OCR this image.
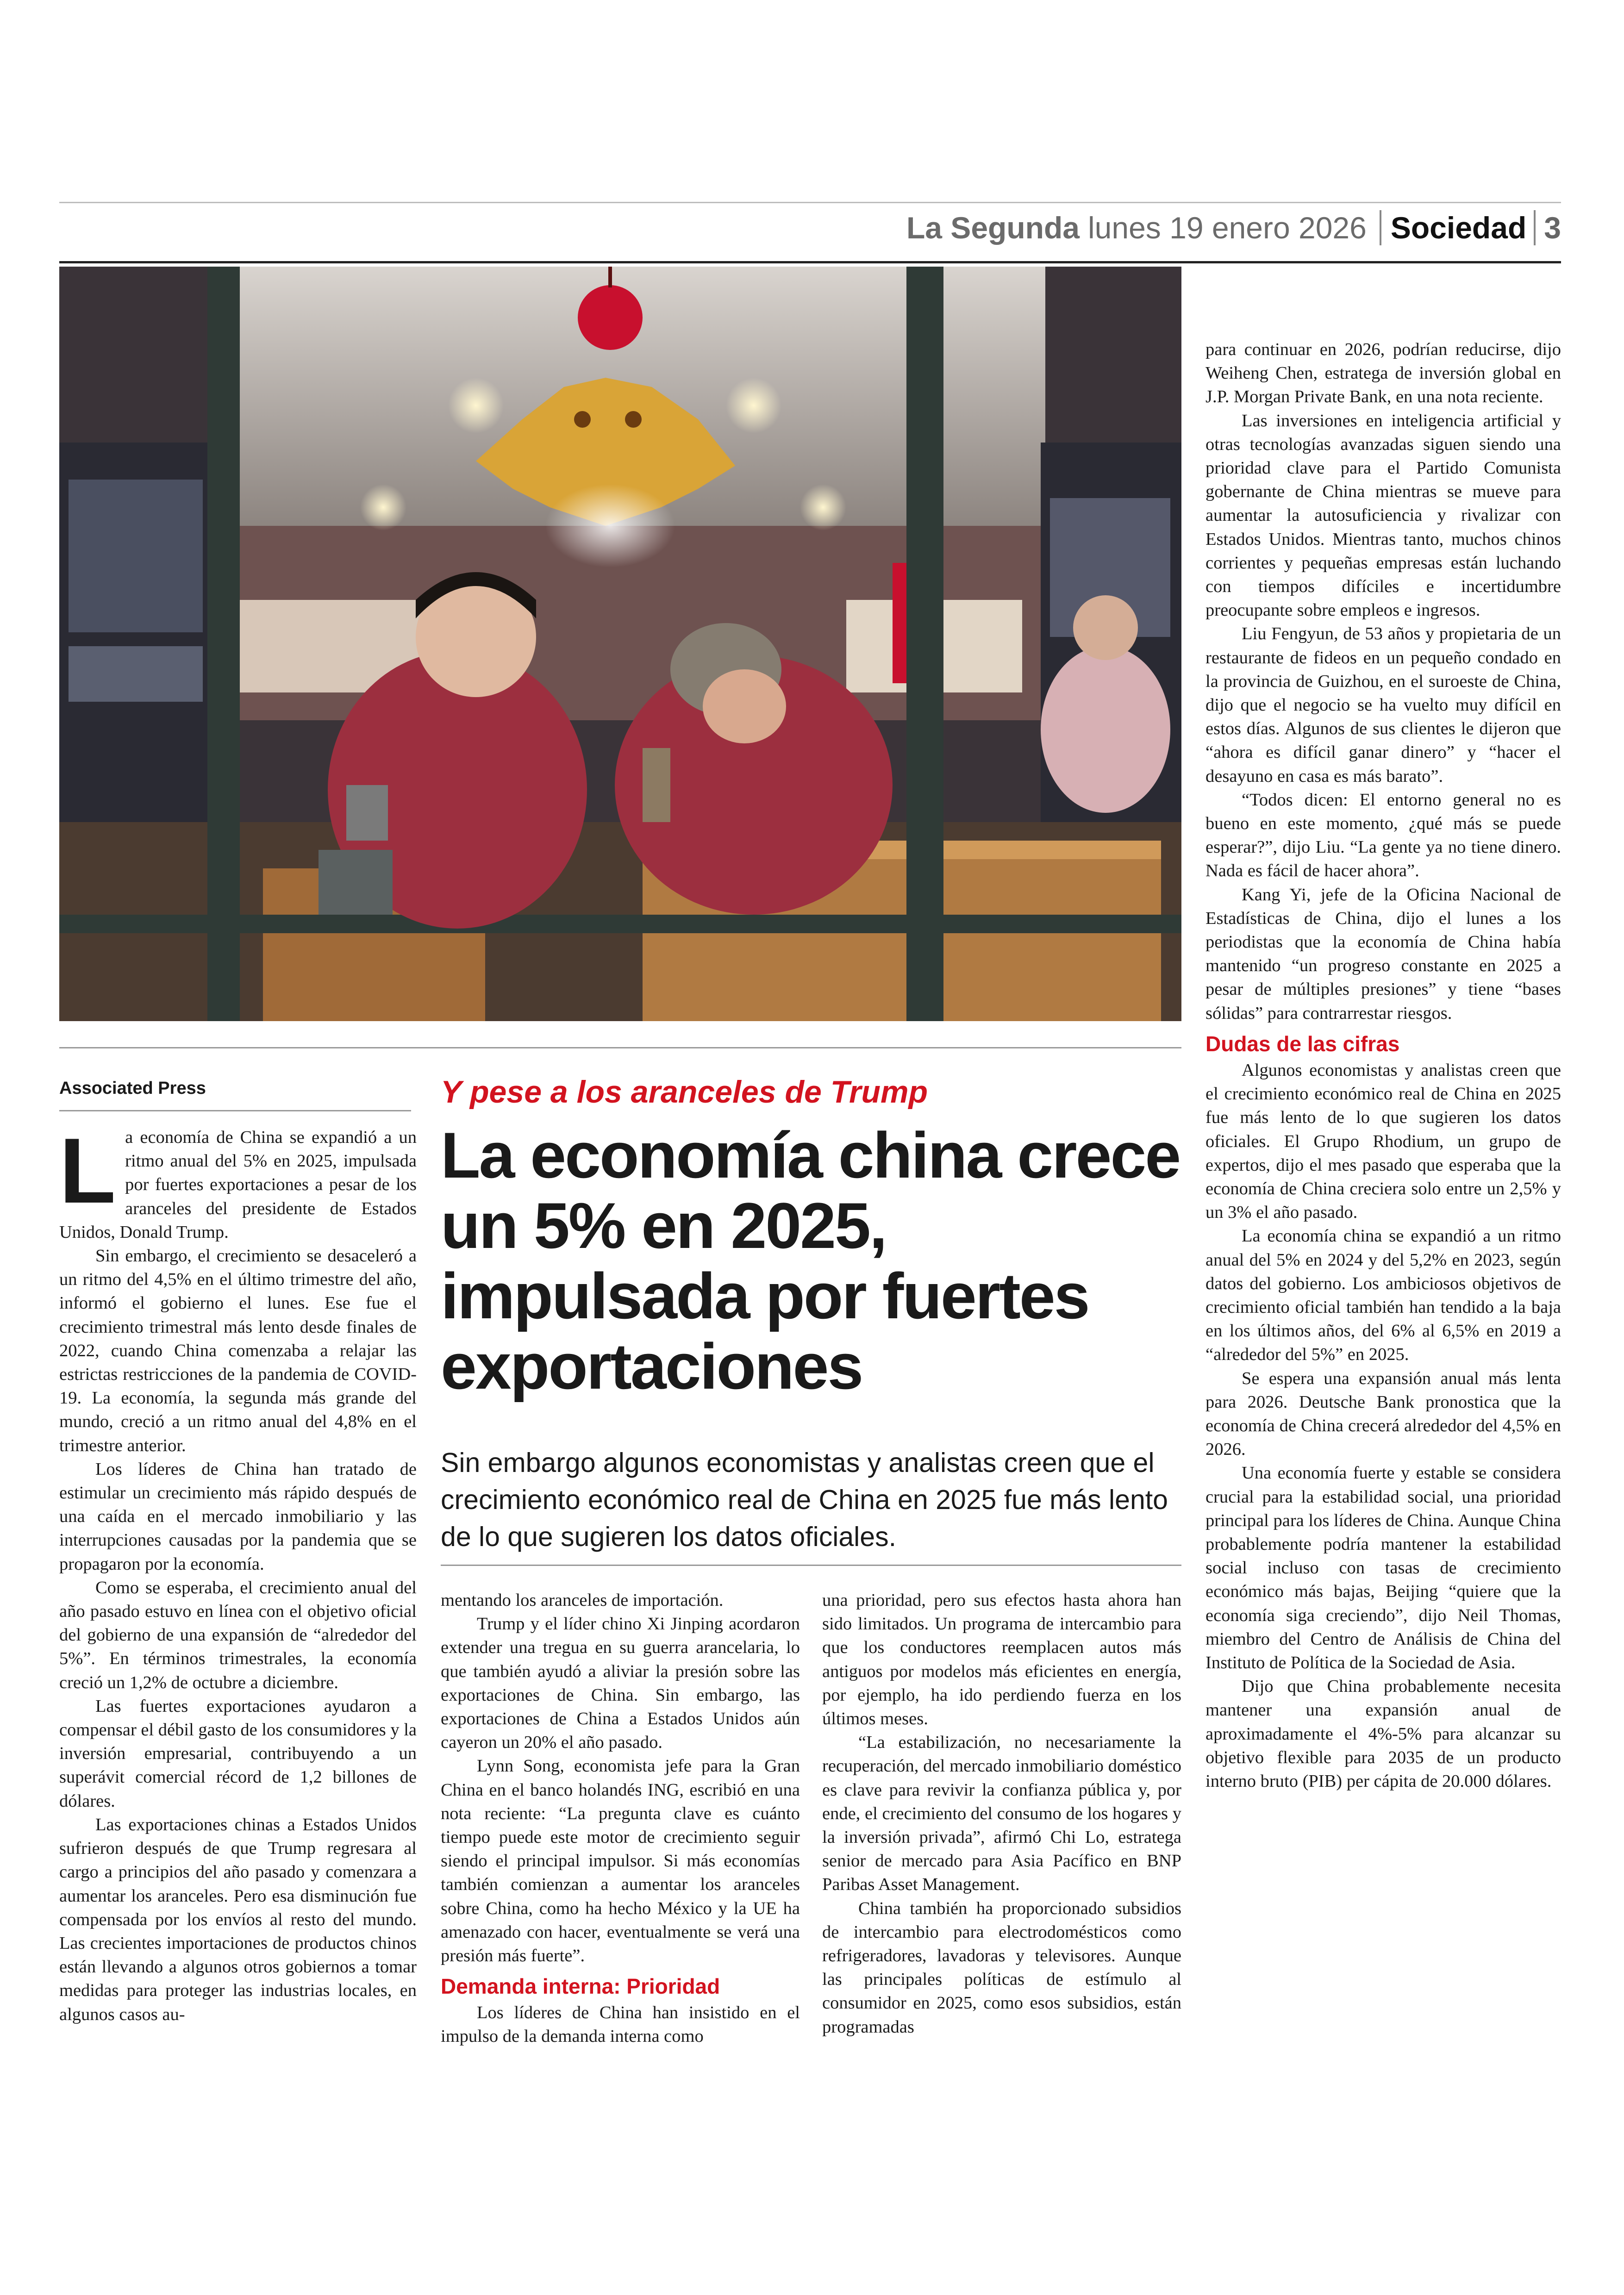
La Segunda lunes 19 enero 2026 Sociedad 3
Associated Press	Y pese a los aranceles de Trump
La economía china crece un 5% en 2025, impulsada por fuertes exportaciones
Sin embargo algunos economistas y analistas creen que el crecimiento económico real de China en 2025 fue más lento de lo que sugieren los datos oficiales.
L a economía de China se expandió a un ritmo anual del 5% en 2025, impulsada por fuertes exportaciones a pesar de los aranceles del presidente de Estados Unidos, Donald Trump.

Sin embargo, el crecimiento se desaceleró a un ritmo del 4,5% en el último trimestre del año, informó el gobierno el lunes. Ese fue el crecimiento trimestral más lento desde finales de 2022, cuando China comenzaba a relajar las estrictas restricciones de la pandemia de COVID-19. La economía, la segunda más grande del mundo, creció a un ritmo anual del 4,8% en el trimestre anterior.

Los líderes de China han tratado de estimular un crecimiento más rápido después de una caída en el mercado inmobiliario y las interrupciones causadas por la pandemia que se propagaron por la economía.

Como se esperaba, el crecimiento anual del año pasado estuvo en línea con el objetivo oficial del gobierno de una expansión de “alrededor del 5%”. En términos trimestrales, la economía creció un 1,2% de octubre a diciembre.

Las fuertes exportaciones ayudaron a compensar el débil gasto de los consumidores y la inversión empresarial, contribuyendo a un superávit comercial récord de 1,2 billones de dólares.

Las exportaciones chinas a Estados Unidos sufrieron después de que Trump regresara al cargo a principios del año pasado y comenzara a aumentar los aranceles. Pero esa disminución fue compensada por los envíos al resto del mundo. Las crecientes importaciones de productos chinos están llevando a algunos otros gobiernos a tomar medidas para proteger las industrias locales, en algunos casos au-

mentando los aranceles de importación.

Trump y el líder chino Xi Jinping acordaron extender una tregua en su guerra arancelaria, lo que también ayudó a aliviar la presión sobre las exportaciones de China. Sin embargo, las exportaciones de China a Estados Unidos aún cayeron un 20% el año pasado.

Lynn Song, economista jefe para la Gran China en el banco holandés ING, escribió en una nota reciente: “La pregunta clave es cuánto tiempo puede este motor de crecimiento seguir siendo el principal impulsor. Si más economías también comienzan a aumentar los aranceles sobre China, como ha hecho México y la UE ha amenazado con hacer, eventualmente se verá una presión más fuerte”.

Demanda interna: Prioridad

Los líderes de China han insistido en el impulso de la demanda interna como

una prioridad, pero sus efectos hasta ahora han sido limitados. Un programa de intercambio para que los conductores reemplacen autos más antiguos por modelos más eficientes en energía, por ejemplo, ha ido perdiendo fuerza en los últimos meses.

“La estabilización, no necesariamente la recuperación, del mercado inmobiliario doméstico es clave para revivir la confianza pública y, por ende, el crecimiento del consumo de los hogares y la inversión privada”, afirmó Chi Lo, estratega senior de mercado para Asia Pacífico en BNP Paribas Asset Management.

China también ha proporcionado subsidios de intercambio para electrodomésticos como refrigeradores, lavadoras y televisores. Aunque las principales políticas de estímulo al consumidor en 2025, como esos subsidios, están programadas

para continuar en 2026, podrían reducirse, dijo Weiheng Chen, estratega de inversión global en J.P. Morgan Private Bank, en una nota reciente.

Las inversiones en inteligencia artificial y otras tecnologías avanzadas siguen siendo una prioridad clave para el Partido Comunista gobernante de China mientras se mueve para aumentar la autosuficiencia y rivalizar con Estados Unidos. Mientras tanto, muchos chinos corrientes y pequeñas empresas están luchando con tiempos difíciles e incertidumbre preocupante sobre empleos e ingresos.

Liu Fengyun, de 53 años y propietaria de un restaurante de fideos en un pequeño condado en la provincia de Guizhou, en el suroeste de China, dijo que el negocio se ha vuelto muy difícil en estos días. Algunos de sus clientes le dijeron que “ahora es difícil ganar dinero” y “hacer el desayuno en casa es más barato”.

“Todos dicen: El entorno general no es bueno en este momento, ¿qué más se puede esperar?”, dijo Liu. “La gente ya no tiene dinero. Nada es fácil de hacer ahora”.

Kang Yi, jefe de la Oficina Nacional de Estadísticas de China, dijo el lunes a los periodistas que la economía de China había mantenido “un progreso constante en 2025 a pesar de múltiples presiones” y tiene “bases sólidas” para contrarrestar riesgos.

Dudas de las cifras

Algunos economistas y analistas creen que el crecimiento económico real de China en 2025 fue más lento de lo que sugieren los datos oficiales. El Grupo Rhodium, un grupo de expertos, dijo el mes pasado que esperaba que la economía de China creciera solo entre un 2,5% y un 3% el año pasado.

La economía china se expandió a un ritmo anual del 5% en 2024 y del 5,2% en 2023, según datos del gobierno. Los ambiciosos objetivos de crecimiento oficial también han tendido a la baja en los últimos años, del 6% al 6,5% en 2019 a “alrededor del 5%” en 2025.

Se espera una expansión anual más lenta para 2026. Deutsche Bank pronostica que la economía de China crecerá alrededor del 4,5% en 2026.

Una economía fuerte y estable se considera crucial para la estabilidad social, una prioridad principal para los líderes de China. Aunque China probablemente podría mantener la estabilidad social incluso con tasas de crecimiento económico más bajas, Beijing “quiere que la economía siga creciendo”, dijo Neil Thomas, miembro del Centro de Análisis de China del Instituto de Política de la Sociedad de Asia.

Dijo que China probablemente necesita mantener una expansión anual de aproximadamente el 4%-5% para alcanzar su objetivo flexible para 2035 de un producto interno bruto (PIB) per cápita de 20.000 dólares.
